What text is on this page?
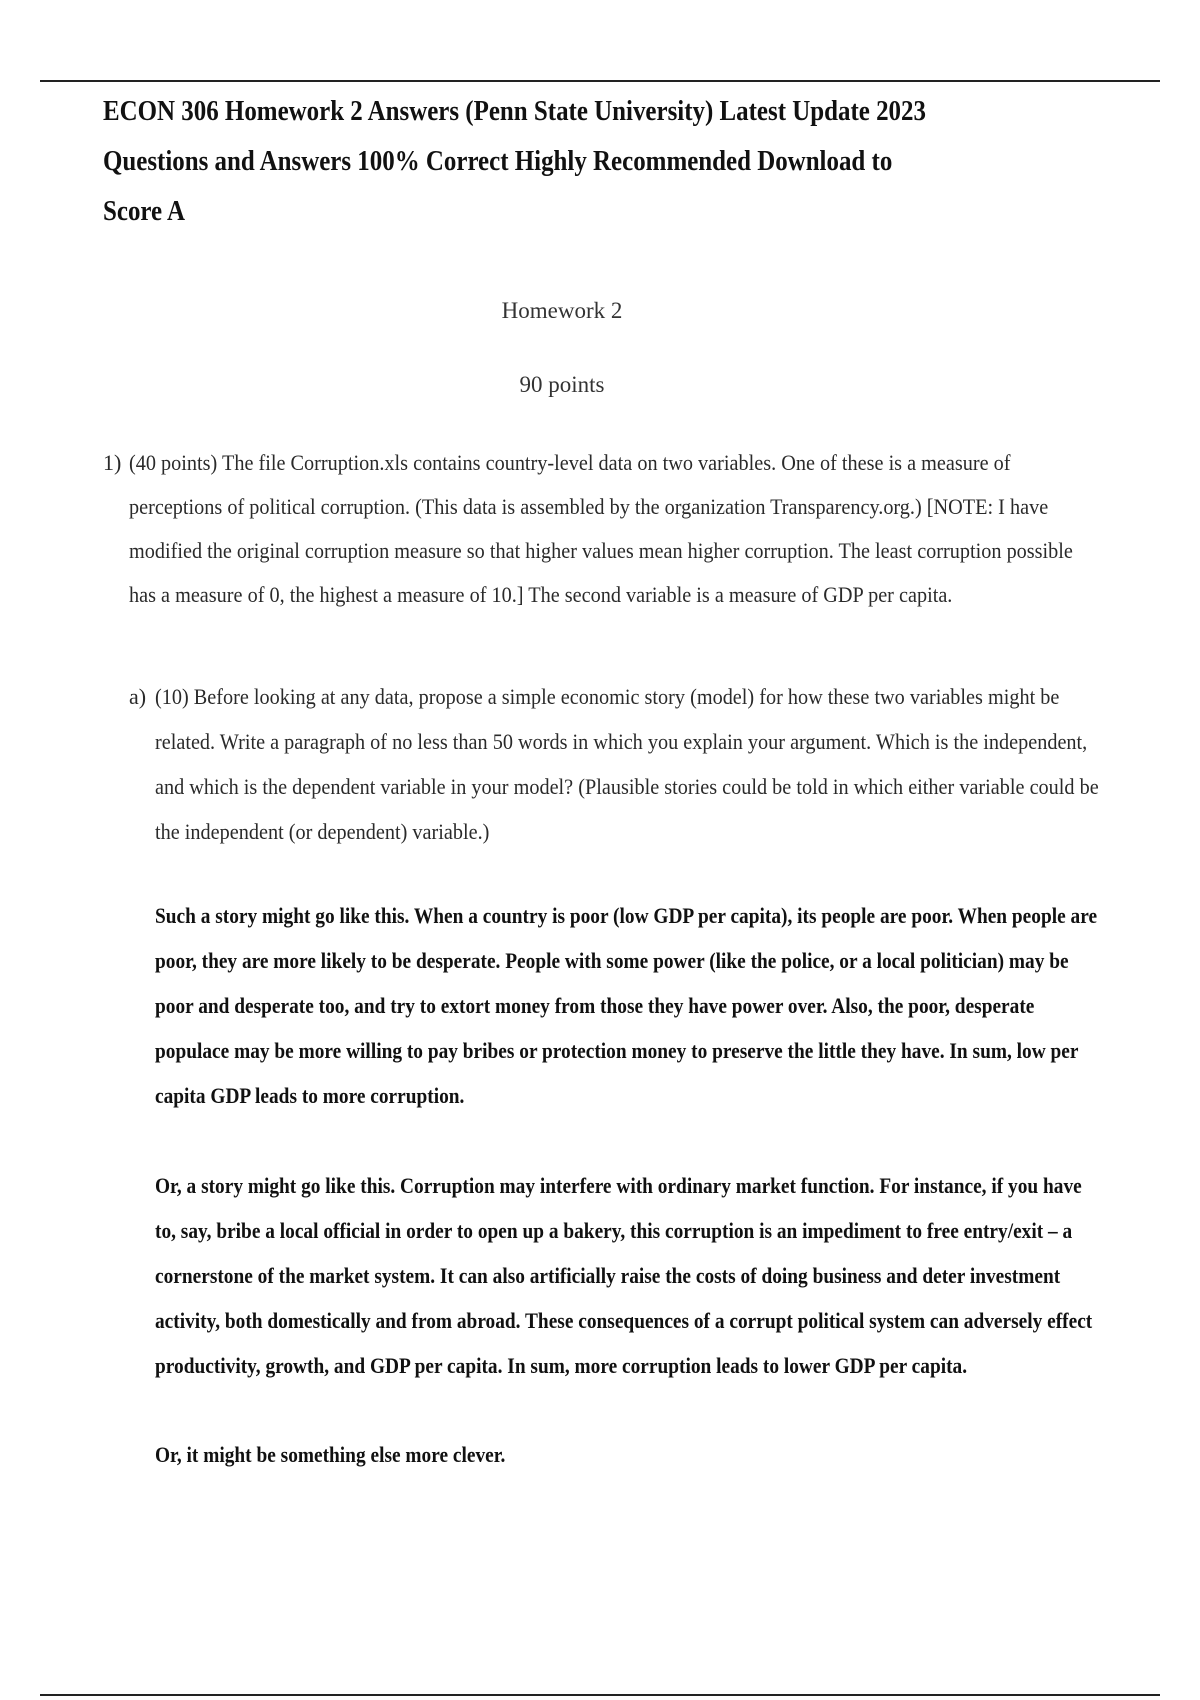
ECON 306 Homework 2 Answers (Penn State University) Latest Update 2023 Questions and Answers 100% Correct Highly Recommended Download to Score A

Homework 2

90 points

1) (40 points) The file Corruption.xls contains country-level data on two variables. One of these is a measure of perceptions of political corruption. (This data is assembled by the organization Transparency.org.) [NOTE: I have modified the original corruption measure so that higher values mean higher corruption. The least corruption possible has a measure of 0, the highest a measure of 10.] The second variable is a measure of GDP per capita.

a) (10) Before looking at any data, propose a simple economic story (model) for how these two variables might be related. Write a paragraph of no less than 50 words in which you explain your argument. Which is the independent, and which is the dependent variable in your model? (Plausible stories could be told in which either variable could be the independent (or dependent) variable.)

Such a story might go like this. When a country is poor (low GDP per capita), its people are poor. When people are poor, they are more likely to be desperate. People with some power (like the police, or a local politician) may be poor and desperate too, and try to extort money from those they have power over. Also, the poor, desperate populace may be more willing to pay bribes or protection money to preserve the little they have. In sum, low per capita GDP leads to more corruption.

Or, a story might go like this. Corruption may interfere with ordinary market function. For instance, if you have to, say, bribe a local official in order to open up a bakery, this corruption is an impediment to free entry/exit – a cornerstone of the market system. It can also artificially raise the costs of doing business and deter investment activity, both domestically and from abroad. These consequences of a corrupt political system can adversely effect productivity, growth, and GDP per capita. In sum, more corruption leads to lower GDP per capita.

Or, it might be something else more clever.
